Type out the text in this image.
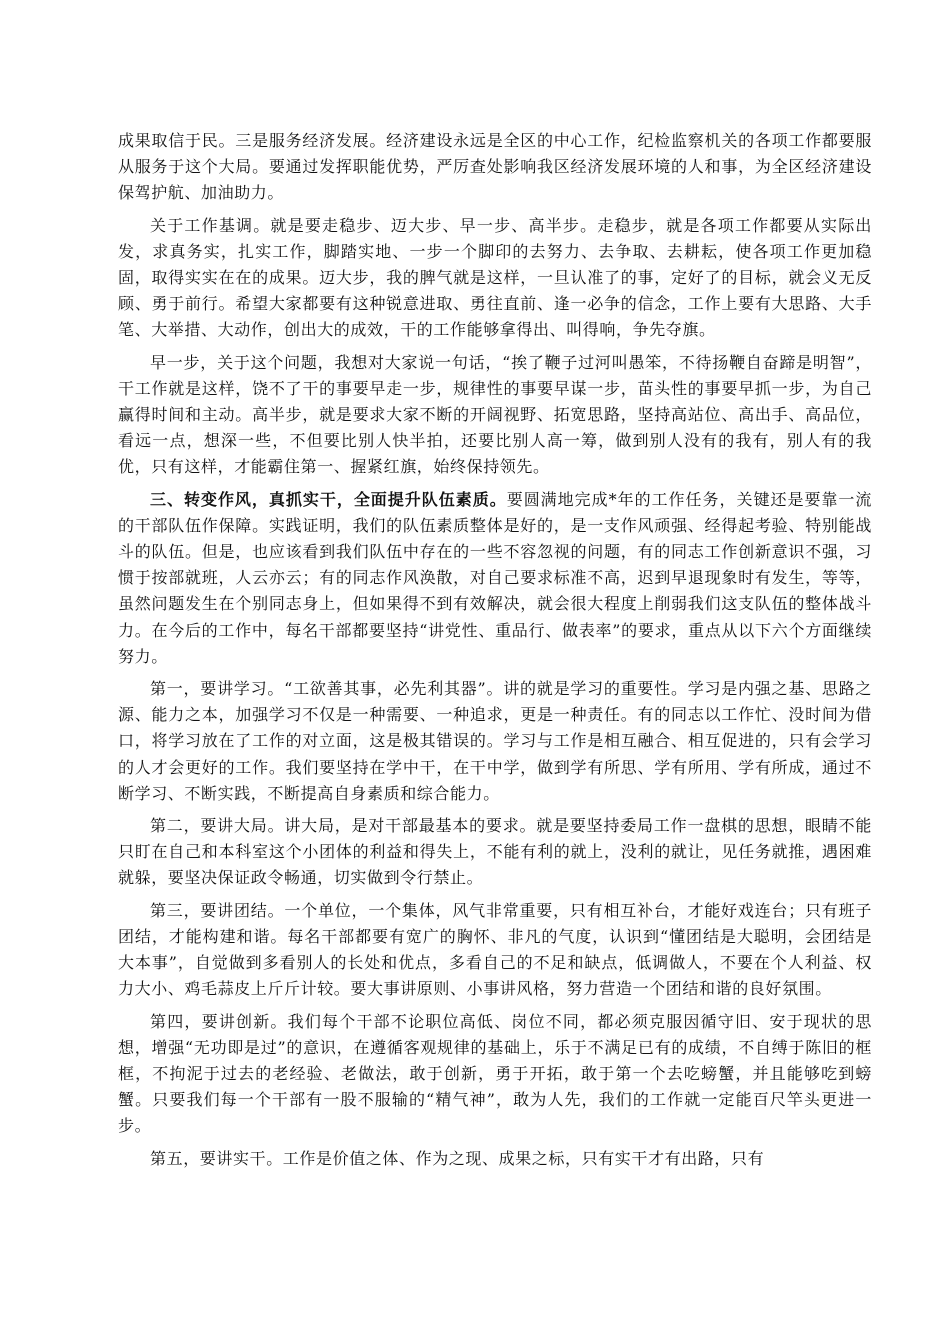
成果取信于民。三是服务经济发展。经济建设永远是全区的中心工作，纪检监察机关的各项工作都要服从服务于这个大局。要通过发挥职能优势，严厉查处影响我区经济发展环境的人和事，为全区经济建设保驾护航、加油助力。

关于工作基调。就是要走稳步、迈大步、早一步、高半步。走稳步，就是各项工作都要从实际出发，求真务实，扎实工作，脚踏实地、一步一个脚印的去努力、去争取、去耕耘，使各项工作更加稳固，取得实实在在的成果。迈大步，我的脾气就是这样，一旦认准了的事，定好了的目标，就会义无反顾、勇于前行。希望大家都要有这种锐意进取、勇往直前、逢一必争的信念，工作上要有大思路、大手笔、大举措、大动作，创出大的成效，干的工作能够拿得出、叫得响，争先夺旗。

早一步，关于这个问题，我想对大家说一句话，“挨了鞭子过河叫愚笨，不待扬鞭自奋蹄是明智”，干工作就是这样，饶不了干的事要早走一步，规律性的事要早谋一步，苗头性的事要早抓一步，为自己赢得时间和主动。高半步，就是要求大家不断的开阔视野、拓宽思路，坚持高站位、高出手、高品位，看远一点，想深一些，不但要比别人快半拍，还要比别人高一筹，做到别人没有的我有，别人有的我优，只有这样，才能霸住第一、握紧红旗，始终保持领先。

三、转变作风，真抓实干，全面提升队伍素质。要圆满地完成*年的工作任务，关键还是要靠一流的干部队伍作保障。实践证明，我们的队伍素质整体是好的，是一支作风顽强、经得起考验、特别能战斗的队伍。但是，也应该看到我们队伍中存在的一些不容忽视的问题，有的同志工作创新意识不强，习惯于按部就班，人云亦云；有的同志作风涣散，对自己要求标准不高，迟到早退现象时有发生，等等，虽然问题发生在个别同志身上，但如果得不到有效解决，就会很大程度上削弱我们这支队伍的整体战斗力。在今后的工作中，每名干部都要坚持“讲党性、重品行、做表率”的要求，重点从以下六个方面继续努力。

第一，要讲学习。“工欲善其事，必先利其器”。讲的就是学习的重要性。学习是内强之基、思路之源、能力之本，加强学习不仅是一种需要、一种追求，更是一种责任。有的同志以工作忙、没时间为借口，将学习放在了工作的对立面，这是极其错误的。学习与工作是相互融合、相互促进的，只有会学习的人才会更好的工作。我们要坚持在学中干，在干中学，做到学有所思、学有所用、学有所成，通过不断学习、不断实践，不断提高自身素质和综合能力。

第二，要讲大局。讲大局，是对干部最基本的要求。就是要坚持委局工作一盘棋的思想，眼睛不能只盯在自己和本科室这个小团体的利益和得失上，不能有利的就上，没利的就让，见任务就推，遇困难就躲，要坚决保证政令畅通，切实做到令行禁止。

第三，要讲团结。一个单位，一个集体，风气非常重要，只有相互补台，才能好戏连台；只有班子团结，才能构建和谐。每名干部都要有宽广的胸怀、非凡的气度，认识到“懂团结是大聪明，会团结是大本事”，自觉做到多看别人的长处和优点，多看自己的不足和缺点，低调做人，不要在个人利益、权力大小、鸡毛蒜皮上斤斤计较。要大事讲原则、小事讲风格，努力营造一个团结和谐的良好氛围。

第四，要讲创新。我们每个干部不论职位高低、岗位不同，都必须克服因循守旧、安于现状的思想，增强“无功即是过”的意识，在遵循客观规律的基础上，乐于不满足已有的成绩，不自缚于陈旧的框框，不拘泥于过去的老经验、老做法，敢于创新，勇于开拓，敢于第一个去吃螃蟹，并且能够吃到螃蟹。只要我们每一个干部有一股不服输的“精气神”，敢为人先，我们的工作就一定能百尺竿头更进一步。

第五，要讲实干。工作是价值之体、作为之现、成果之标，只有实干才有出路，只有
